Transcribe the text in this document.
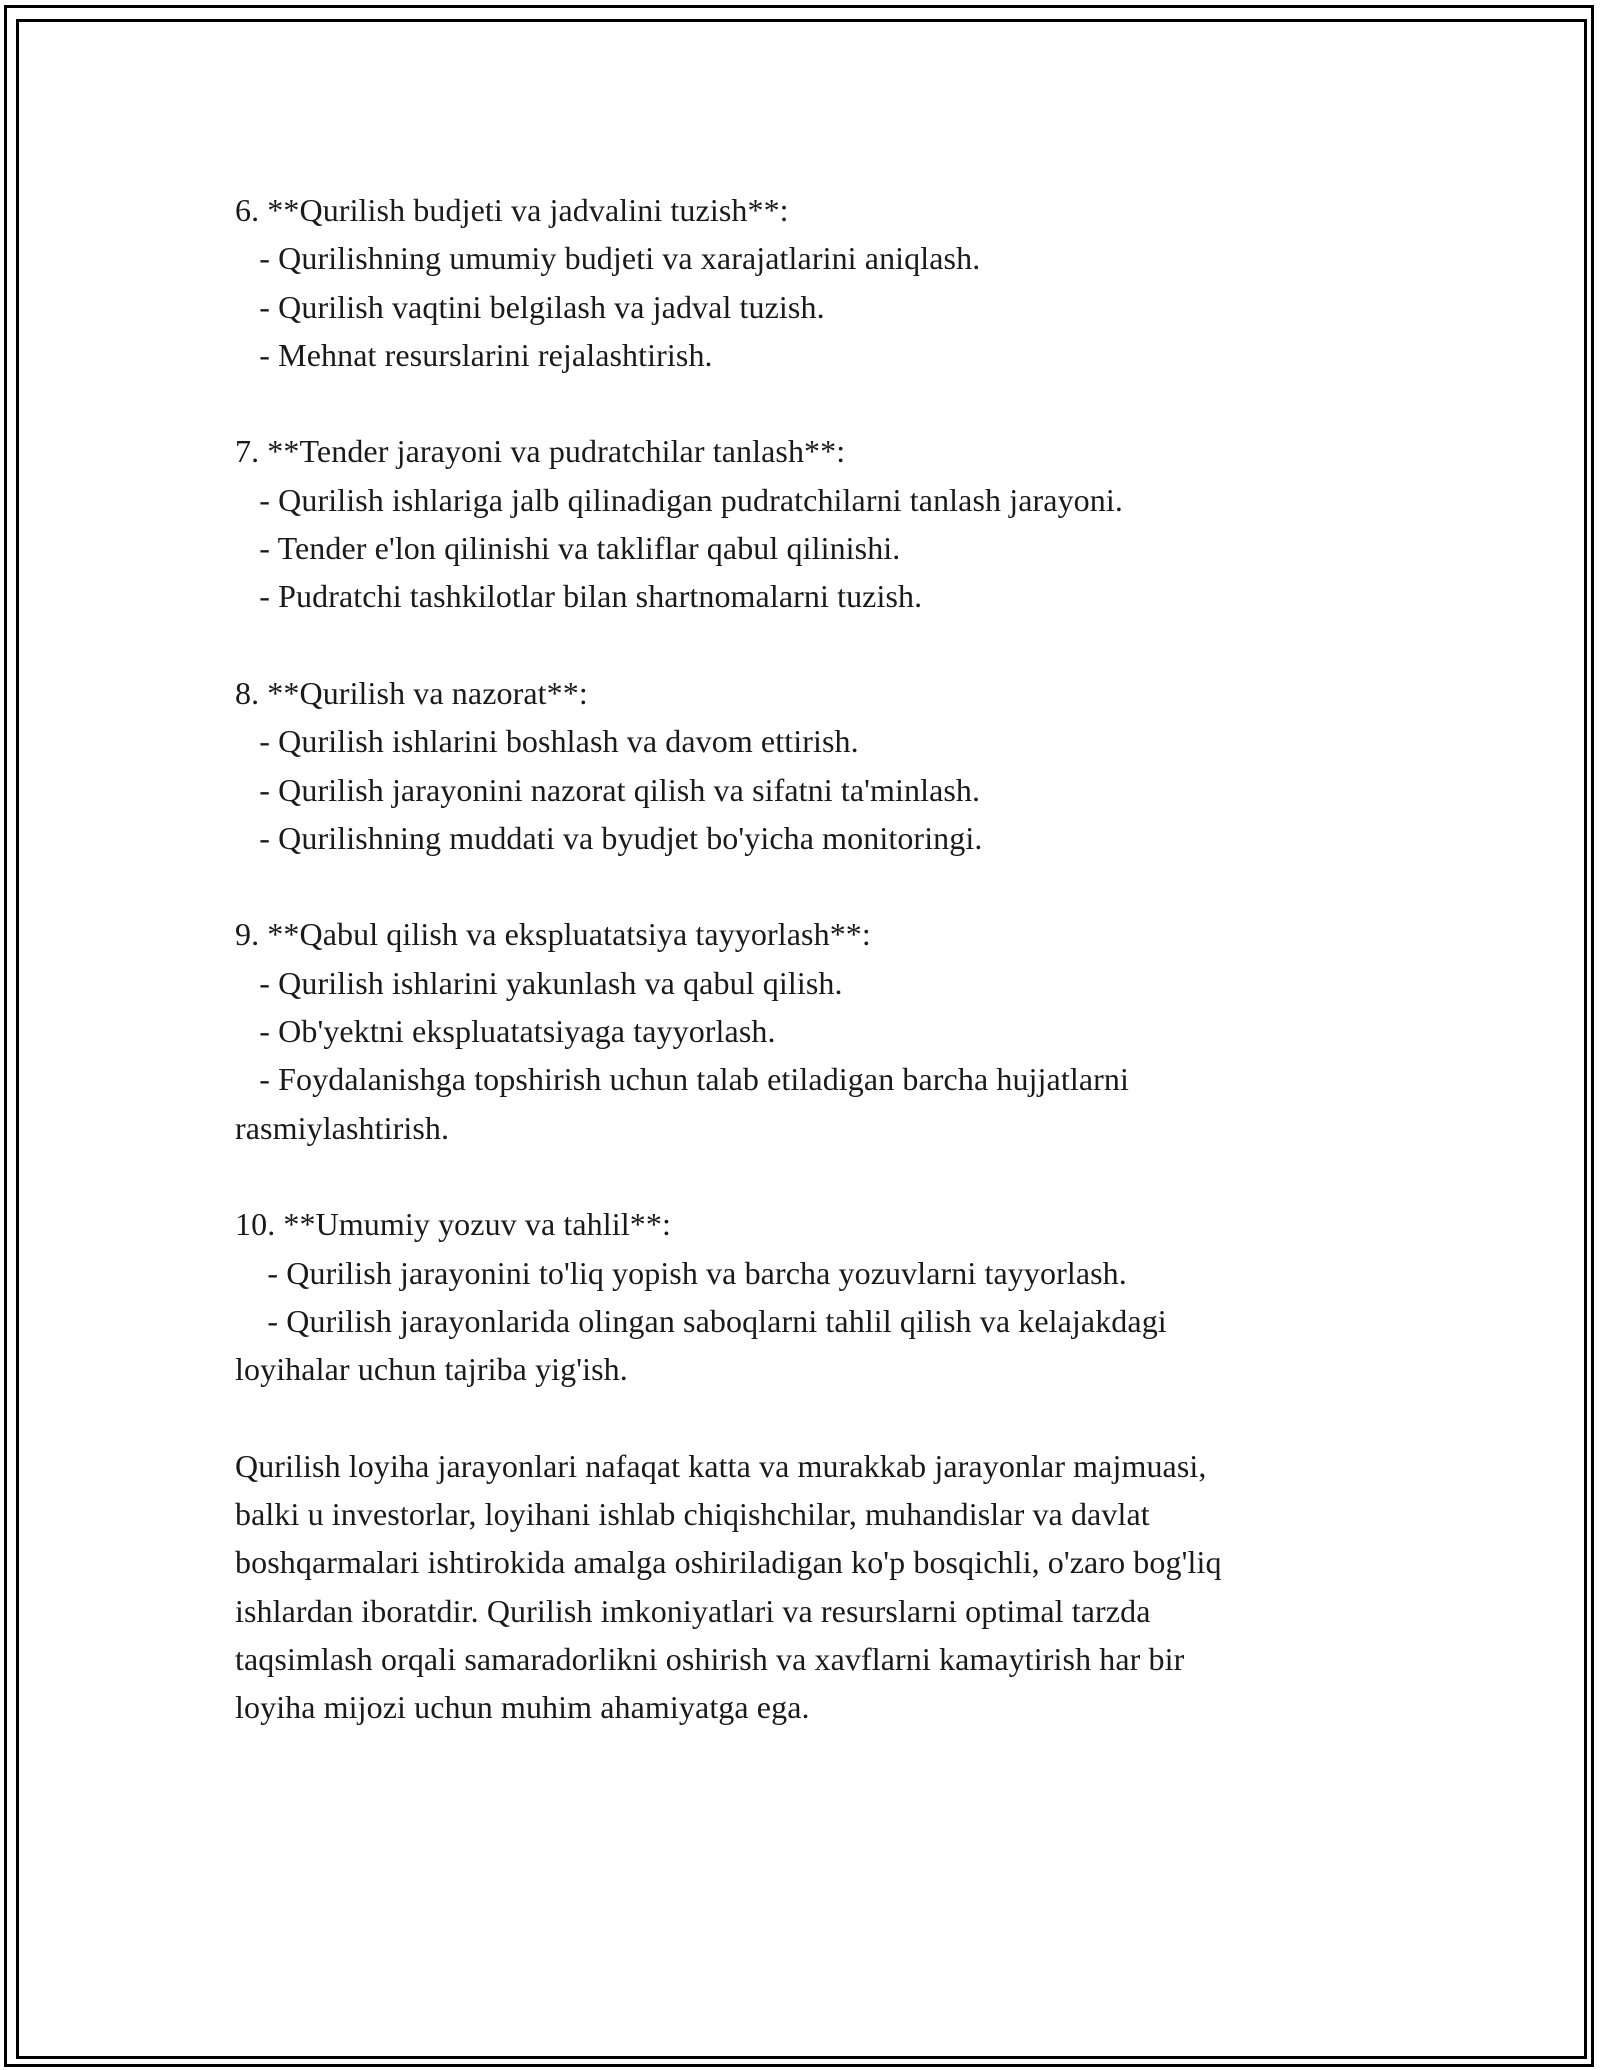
6. **Qurilish budjeti va jadvalini tuzish**:
- Qurilishning umumiy budjeti va xarajatlarini aniqlash.
- Qurilish vaqtini belgilash va jadval tuzish.
- Mehnat resurslarini rejalashtirish.
7. **Tender jarayoni va pudratchilar tanlash**:
- Qurilish ishlariga jalb qilinadigan pudratchilarni tanlash jarayoni.
- Tender e'lon qilinishi va takliflar qabul qilinishi.
- Pudratchi tashkilotlar bilan shartnomalarni tuzish.
8. **Qurilish va nazorat**:
- Qurilish ishlarini boshlash va davom ettirish.
- Qurilish jarayonini nazorat qilish va sifatni ta'minlash.
- Qurilishning muddati va byudjet bo'yicha monitoringi.
9. **Qabul qilish va ekspluatatsiya tayyorlash**:
- Qurilish ishlarini yakunlash va qabul qilish.
- Ob'yektni ekspluatatsiyaga tayyorlash.
- Foydalanishga topshirish uchun talab etiladigan barcha hujjatlarni
rasmiylashtirish.
10. **Umumiy yozuv va tahlil**:
- Qurilish jarayonini to'liq yopish va barcha yozuvlarni tayyorlash.
- Qurilish jarayonlarida olingan saboqlarni tahlil qilish va kelajakdagi
loyihalar uchun tajriba yig'ish.
Qurilish loyiha jarayonlari nafaqat katta va murakkab jarayonlar majmuasi,
balki u investorlar, loyihani ishlab chiqishchilar, muhandislar va davlat
boshqarmalari ishtirokida amalga oshiriladigan ko'p bosqichli, o'zaro bog'liq
ishlardan iboratdir. Qurilish imkoniyatlari va resurslarni optimal tarzda
taqsimlash orqali samaradorlikni oshirish va xavflarni kamaytirish har bir
loyiha mijozi uchun muhim ahamiyatga ega.
